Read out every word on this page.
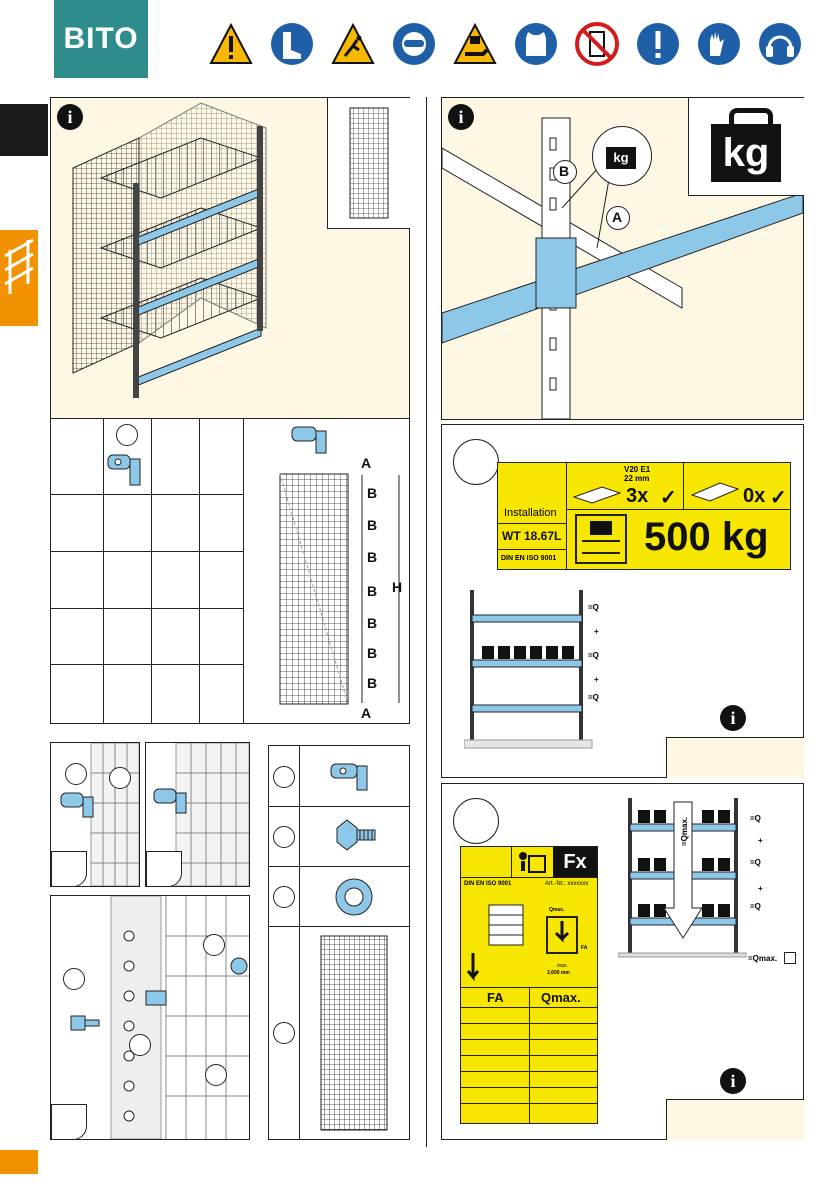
BITO
i
A
B
B
B
B
B
B
B
A
H
i
B
A
kg kg
V20 E1
22 mm
3x ✓	0x ✓
Installation
WT 18.67L
DIN EN ISO 9001 500 kg
=Q
+
=Q
+
=Q
i
Fx
DIN EN ISO 9001	Art.-Nr.: xxxxxxx
Qmax.
FA
max.
3,600 mm
FA	Qmax.
=Qmax.	=Q
+
=Q
+
=Q
=Qmax.
i
